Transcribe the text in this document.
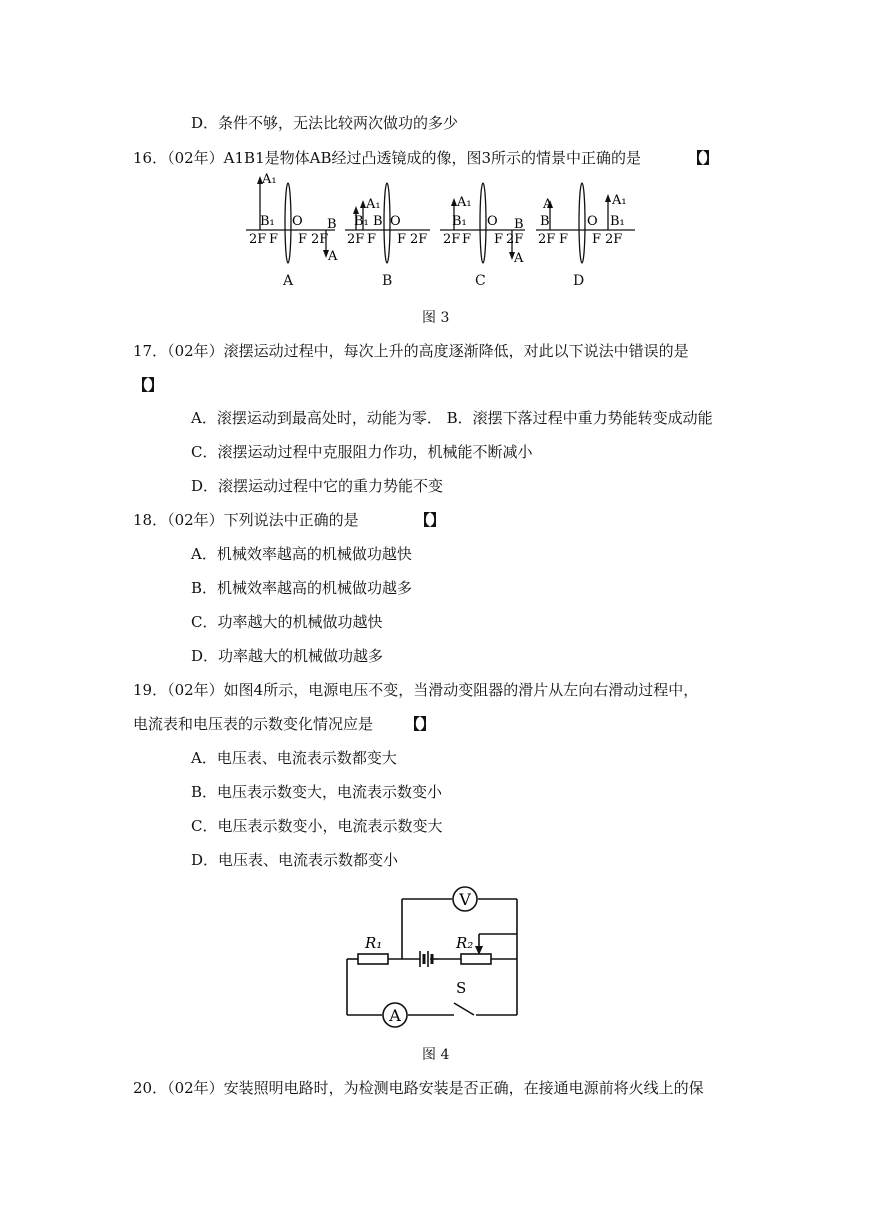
D．条件不够，无法比较两次做功的多少
16．（02年）A1B1是物体AB经过凸透镜成的像，图3所示的情景中正确的是	【】
A₁
B₁ O B
A
2F F F 2F
A₁
B₁ B O
2F F F 2F
A₁
B₁ O B
A
2F F F 2F
A
B	O
A₁
B₁
2F F F 2F
A	B	C	D
图 3
17．（02年）滚摆运动过程中，每次上升的高度逐渐降低，对此以下说法中错误的是
【】
A．滚摆运动到最高处时，动能为零． B．滚摆下落过程中重力势能转变成动能
C．滚摆运动过程中克服阻力作功，机械能不断减小
D．滚摆运动过程中它的重力势能不变
18．（02年）下列说法中正确的是	【】
A．机械效率越高的机械做功越快
B．机械效率越高的机械做功越多
C．功率越大的机械做功越快
D．功率越大的机械做功越多
19．（02年）如图4所示，电源电压不变，当滑动变阻器的滑片从左向右滑动过程中，
电流表和电压表的示数变化情况应是 【】
A．电压表、电流表示数都变大
B．电压表示数变大，电流表示数变小
C．电压表示数变小，电流表示数变大
D．电压表、电流表示数都变小
V
A
R₁	R₂
S
图 4
20．（02年）安装照明电路时，为检测电路安装是否正确，在接通电源前将火线上的保
